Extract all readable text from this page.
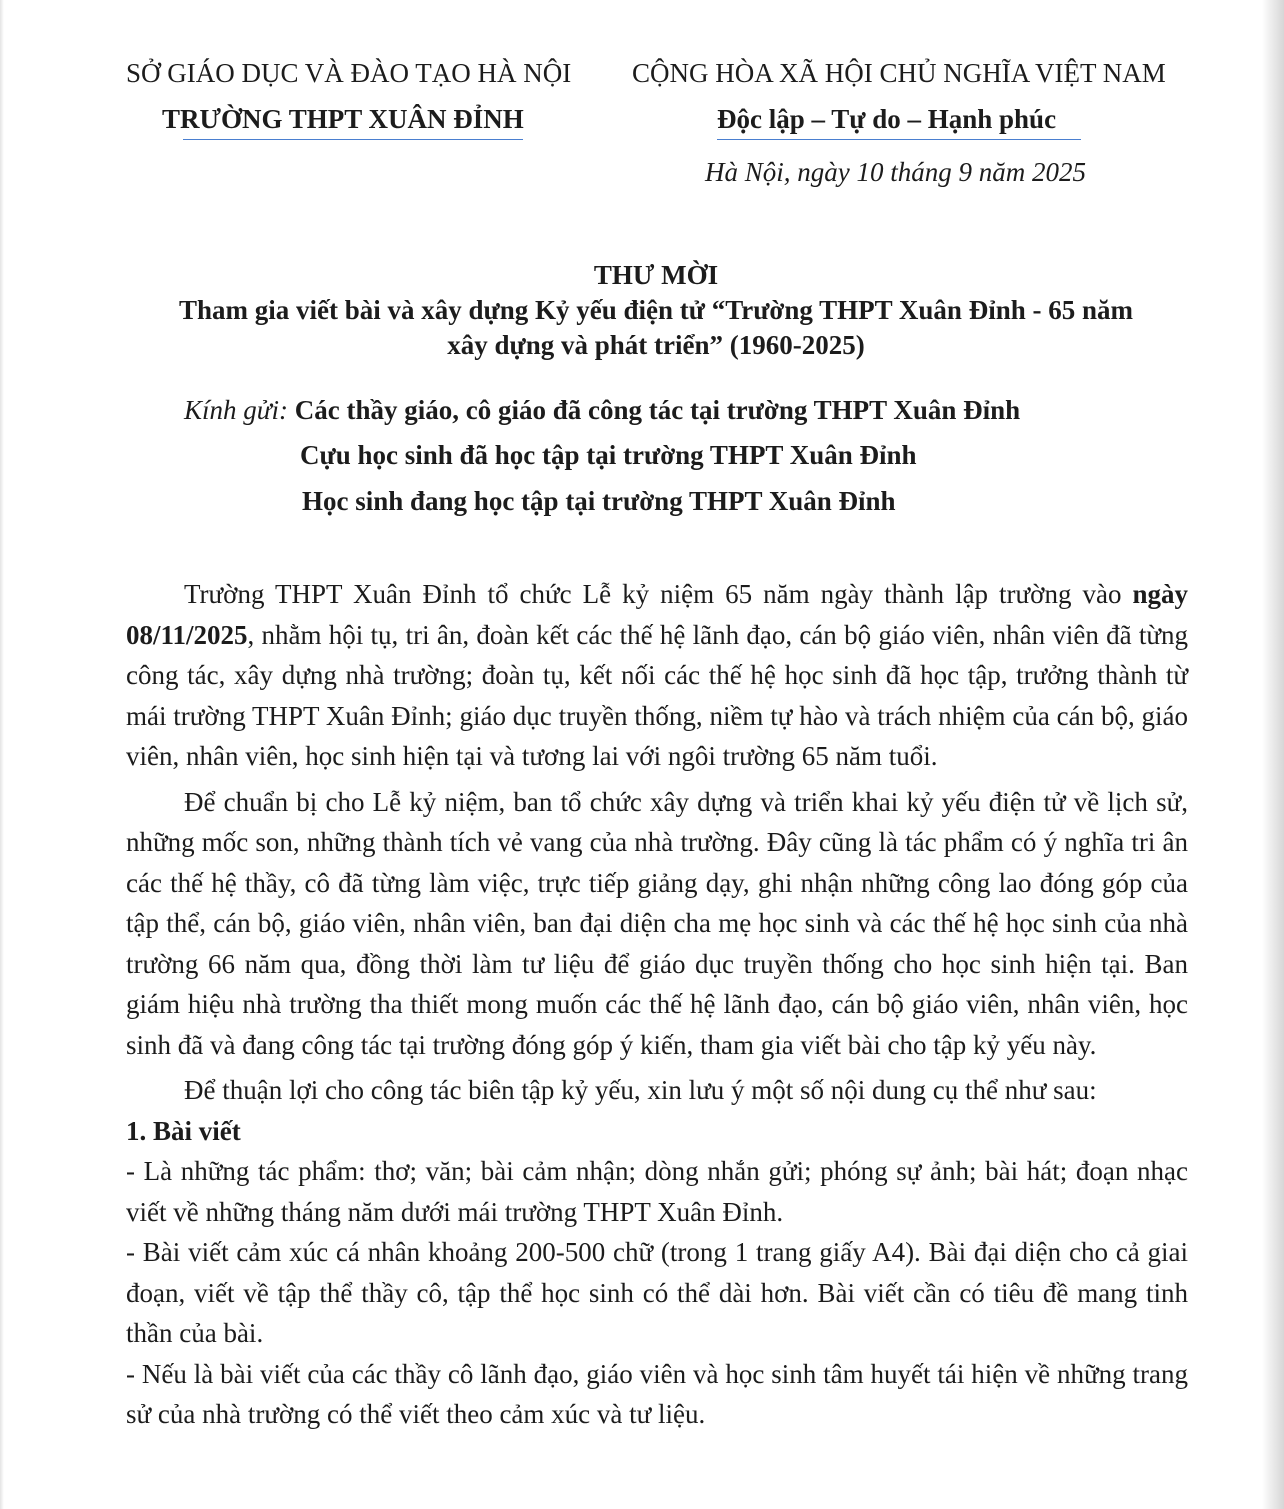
SỞ GIÁO DỤC VÀ ĐÀO TẠO HÀ NỘI
TRƯỜNG THPT XUÂN ĐỈNH
CỘNG HÒA XÃ HỘI CHỦ NGHĨA VIỆT NAM
Độc lập – Tự do – Hạnh phúc
Hà Nội, ngày 10 tháng 9 năm 2025
THƯ MỜI
Tham gia viết bài và xây dựng Kỷ yếu điện tử “Trường THPT Xuân Đỉnh - 65 năm
xây dựng và phát triển” (1960-2025)
Kính gửi: Các thầy giáo, cô giáo đã công tác tại trường THPT Xuân Đỉnh
Cựu học sinh đã học tập tại trường THPT Xuân Đỉnh
Học sinh đang học tập tại trường THPT Xuân Đỉnh

Trường THPT Xuân Đỉnh tổ chức Lễ kỷ niệm 65 năm ngày thành lập trường vào ngày 08/11/2025, nhằm hội tụ, tri ân, đoàn kết các thế hệ lãnh đạo, cán bộ giáo viên, nhân viên đã từng công tác, xây dựng nhà trường; đoàn tụ, kết nối các thế hệ học sinh đã học tập, trưởng thành từ mái trường THPT Xuân Đỉnh; giáo dục truyền thống, niềm tự hào và trách nhiệm của cán bộ, giáo viên, nhân viên, học sinh hiện tại và tương lai với ngôi trường 65 năm tuổi.

Để chuẩn bị cho Lễ kỷ niệm, ban tổ chức xây dựng và triển khai kỷ yếu điện tử về lịch sử, những mốc son, những thành tích vẻ vang của nhà trường. Đây cũng là tác phẩm có ý nghĩa tri ân các thế hệ thầy, cô đã từng làm việc, trực tiếp giảng dạy, ghi nhận những công lao đóng góp của tập thể, cán bộ, giáo viên, nhân viên, ban đại diện cha mẹ học sinh và các thế hệ học sinh của nhà trường 66 năm qua, đồng thời làm tư liệu để giáo dục truyền thống cho học sinh hiện tại. Ban giám hiệu nhà trường tha thiết mong muốn các thế hệ lãnh đạo, cán bộ giáo viên, nhân viên, học sinh đã và đang công tác tại trường đóng góp ý kiến, tham gia viết bài cho tập kỷ yếu này.

Để thuận lợi cho công tác biên tập kỷ yếu, xin lưu ý một số nội dung cụ thể như sau:

1. Bài viết

- Là những tác phẩm: thơ; văn; bài cảm nhận; dòng nhắn gửi; phóng sự ảnh; bài hát; đoạn nhạc viết về những tháng năm dưới mái trường THPT Xuân Đỉnh.

- Bài viết cảm xúc cá nhân khoảng 200-500 chữ (trong 1 trang giấy A4). Bài đại diện cho cả giai đoạn, viết về tập thể thầy cô, tập thể học sinh có thể dài hơn. Bài viết cần có tiêu đề mang tinh thần của bài.

- Nếu là bài viết của các thầy cô lãnh đạo, giáo viên và học sinh tâm huyết tái hiện về những trang sử của nhà trường có thể viết theo cảm xúc và tư liệu.
